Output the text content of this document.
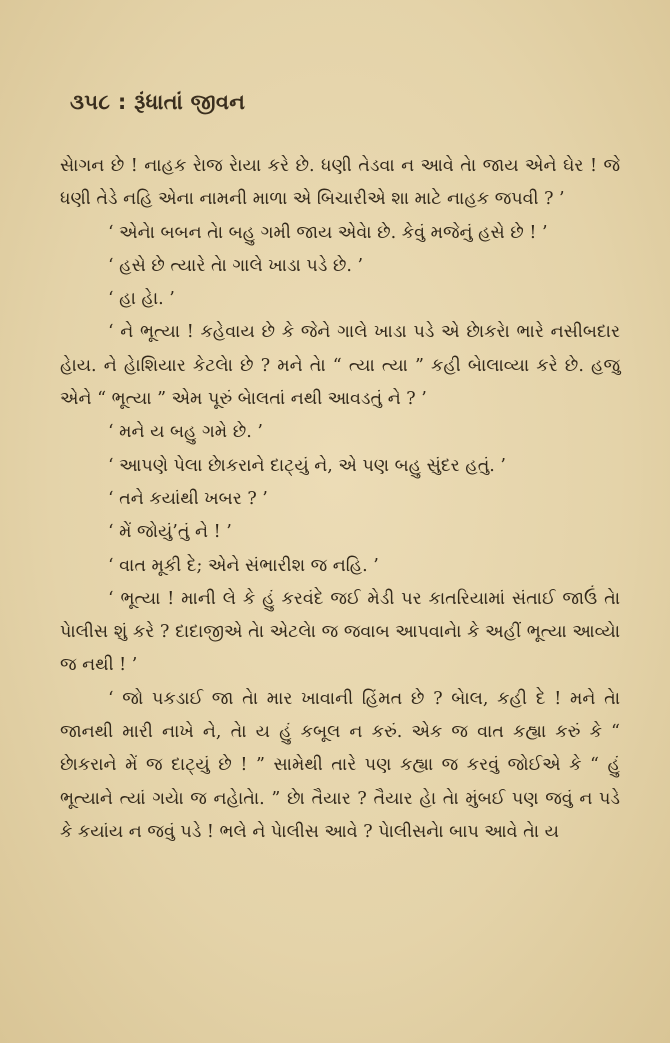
૩૫૮ : રૂંધાતાં જીવન

સેાગન છે ! નાહક રેાજ રેાયા કરે છે. ધણી તેડવા ન આવે તેા જાય એને ઘેર ! જે ધણી તેડે નહિ એના નામની માળા એ બિચારીએ શા માટે નાહક જપવી ? ’

‘ એનેા બબન તેા બહુ ગમી જાય એવેા છે. કેવું મજેનું હસે છે ! ’

‘ હસે છે ત્યારે તેા ગાલે ખાડા પડે છે. ’

‘ હા હેા. ’

‘ ને ભૂત્યા ! કહેવાય છે કે જેને ગાલે ખાડા પડે એ છેાકરેા ભારે નસીબદાર હેાય. ને હેાશિયાર કેટલેા છે ? મને તેા “ ત્યા ત્યા ” કહી બેાલાવ્યા કરે છે. હજુ એને “ ભૂત્યા ” એમ પૂરું બેાલતાં નથી આવડતું ને ? ’

‘ મને ય બહુ ગમે છે. ’

‘ આપણે પેલા છેાકરાને દાટ્યું ને, એ પણ બહુ સુંદર હતું. ’

‘ તને કયાંથી ખબર ? ’

‘ મેં જોયું’તું ને ! ’

‘ વાત મૂકી દે; એને સંભારીશ જ નહિ. ’

‘ ભૂત્યા ! માની લે કે હું કરવંદે જઈ મેડી પર કાતરિયામાં સંતાઈ જાઉં તેા પેાલીસ શું કરે ? દાદાજીએ તેા એટલેા જ જવાબ આપવાનેા કે અહીં ભૂત્યા આવ્યેા જ નથી ! ’

‘ જો પકડાઈ જા તેા માર ખાવાની હિંમત છે ? બેાલ, કહી દે ! મને તેા જાનથી મારી નાખે ને, તેા ય હું કબૂલ ન કરું. એક જ વાત કહ્યા કરું કે “ છેાકરાને મેં જ દાટ્યું છે ! ” સામેથી તારે પણ કહ્યા જ કરવું જોઈએ કે “ હું ભૂત્યાને ત્યાં ગયેા જ નહેાતેા. ” છેા તૈયાર ? તૈયાર હેા તેા મુંબઈ પણ જવું ન પડે કે કયાંય ન જવું પડે ! ભલે ને પેાલીસ આવે ? પેાલીસનેા બાપ આવે તેા ય
